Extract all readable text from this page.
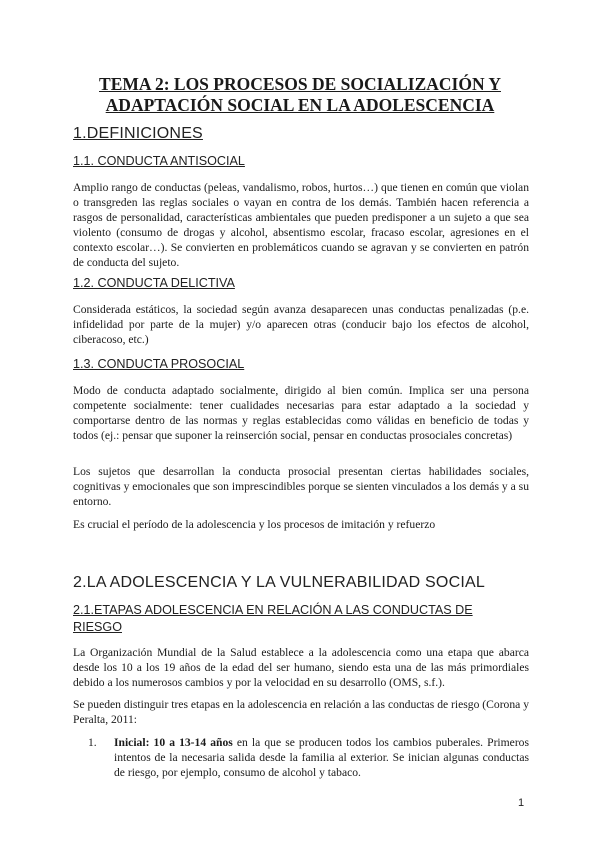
TEMA 2: LOS PROCESOS DE SOCIALIZACIÓN Y ADAPTACIÓN SOCIAL EN LA ADOLESCENCIA
1.DEFINICIONES
1.1. CONDUCTA ANTISOCIAL
Amplio rango de conductas (peleas, vandalismo, robos, hurtos…) que tienen en común que violan o transgreden las reglas sociales o vayan en contra de los demás. También hacen referencia a rasgos de personalidad, características ambientales que pueden predisponer a un sujeto a que sea violento (consumo de drogas y alcohol, absentismo escolar, fracaso escolar, agresiones en el contexto escolar…). Se convierten en problemáticos cuando se agravan y se convierten en patrón de conducta del sujeto.
1.2. CONDUCTA DELICTIVA
Considerada estáticos, la sociedad según avanza desaparecen unas conductas penalizadas (p.e. infidelidad por parte de la mujer) y/o aparecen otras (conducir bajo los efectos de alcohol, ciberacoso, etc.)
1.3. CONDUCTA PROSOCIAL
Modo de conducta adaptado socialmente, dirigido al bien común. Implica ser una persona competente socialmente: tener cualidades necesarias para estar adaptado a la sociedad y comportarse dentro de las normas y reglas establecidas como válidas en beneficio de todas y todos (ej.: pensar que suponer la reinserción social, pensar en conductas prosociales concretas)
Los sujetos que desarrollan la conducta prosocial presentan ciertas habilidades sociales, cognitivas y emocionales que son imprescindibles porque se sienten vinculados a los demás y a su entorno.
Es crucial el período de la adolescencia y los procesos de imitación y refuerzo
2.LA ADOLESCENCIA Y LA VULNERABILIDAD SOCIAL
2.1.ETAPAS ADOLESCENCIA EN RELACIÓN A LAS CONDUCTAS DE
RIESGO
La Organización Mundial de la Salud establece a la adolescencia como una etapa que abarca desde los 10 a los 19 años de la edad del ser humano, siendo esta una de las más primordiales debido a los numerosos cambios y por la velocidad en su desarrollo (OMS, s.f.).
Se pueden distinguir tres etapas en la adolescencia en relación a las conductas de riesgo (Corona y Peralta, 2011:
1. Inicial: 10 a 13-14 años en la que se producen todos los cambios puberales. Primeros intentos de la necesaria salida desde la familia al exterior. Se inician algunas conductas de riesgo, por ejemplo, consumo de alcohol y tabaco.
1
